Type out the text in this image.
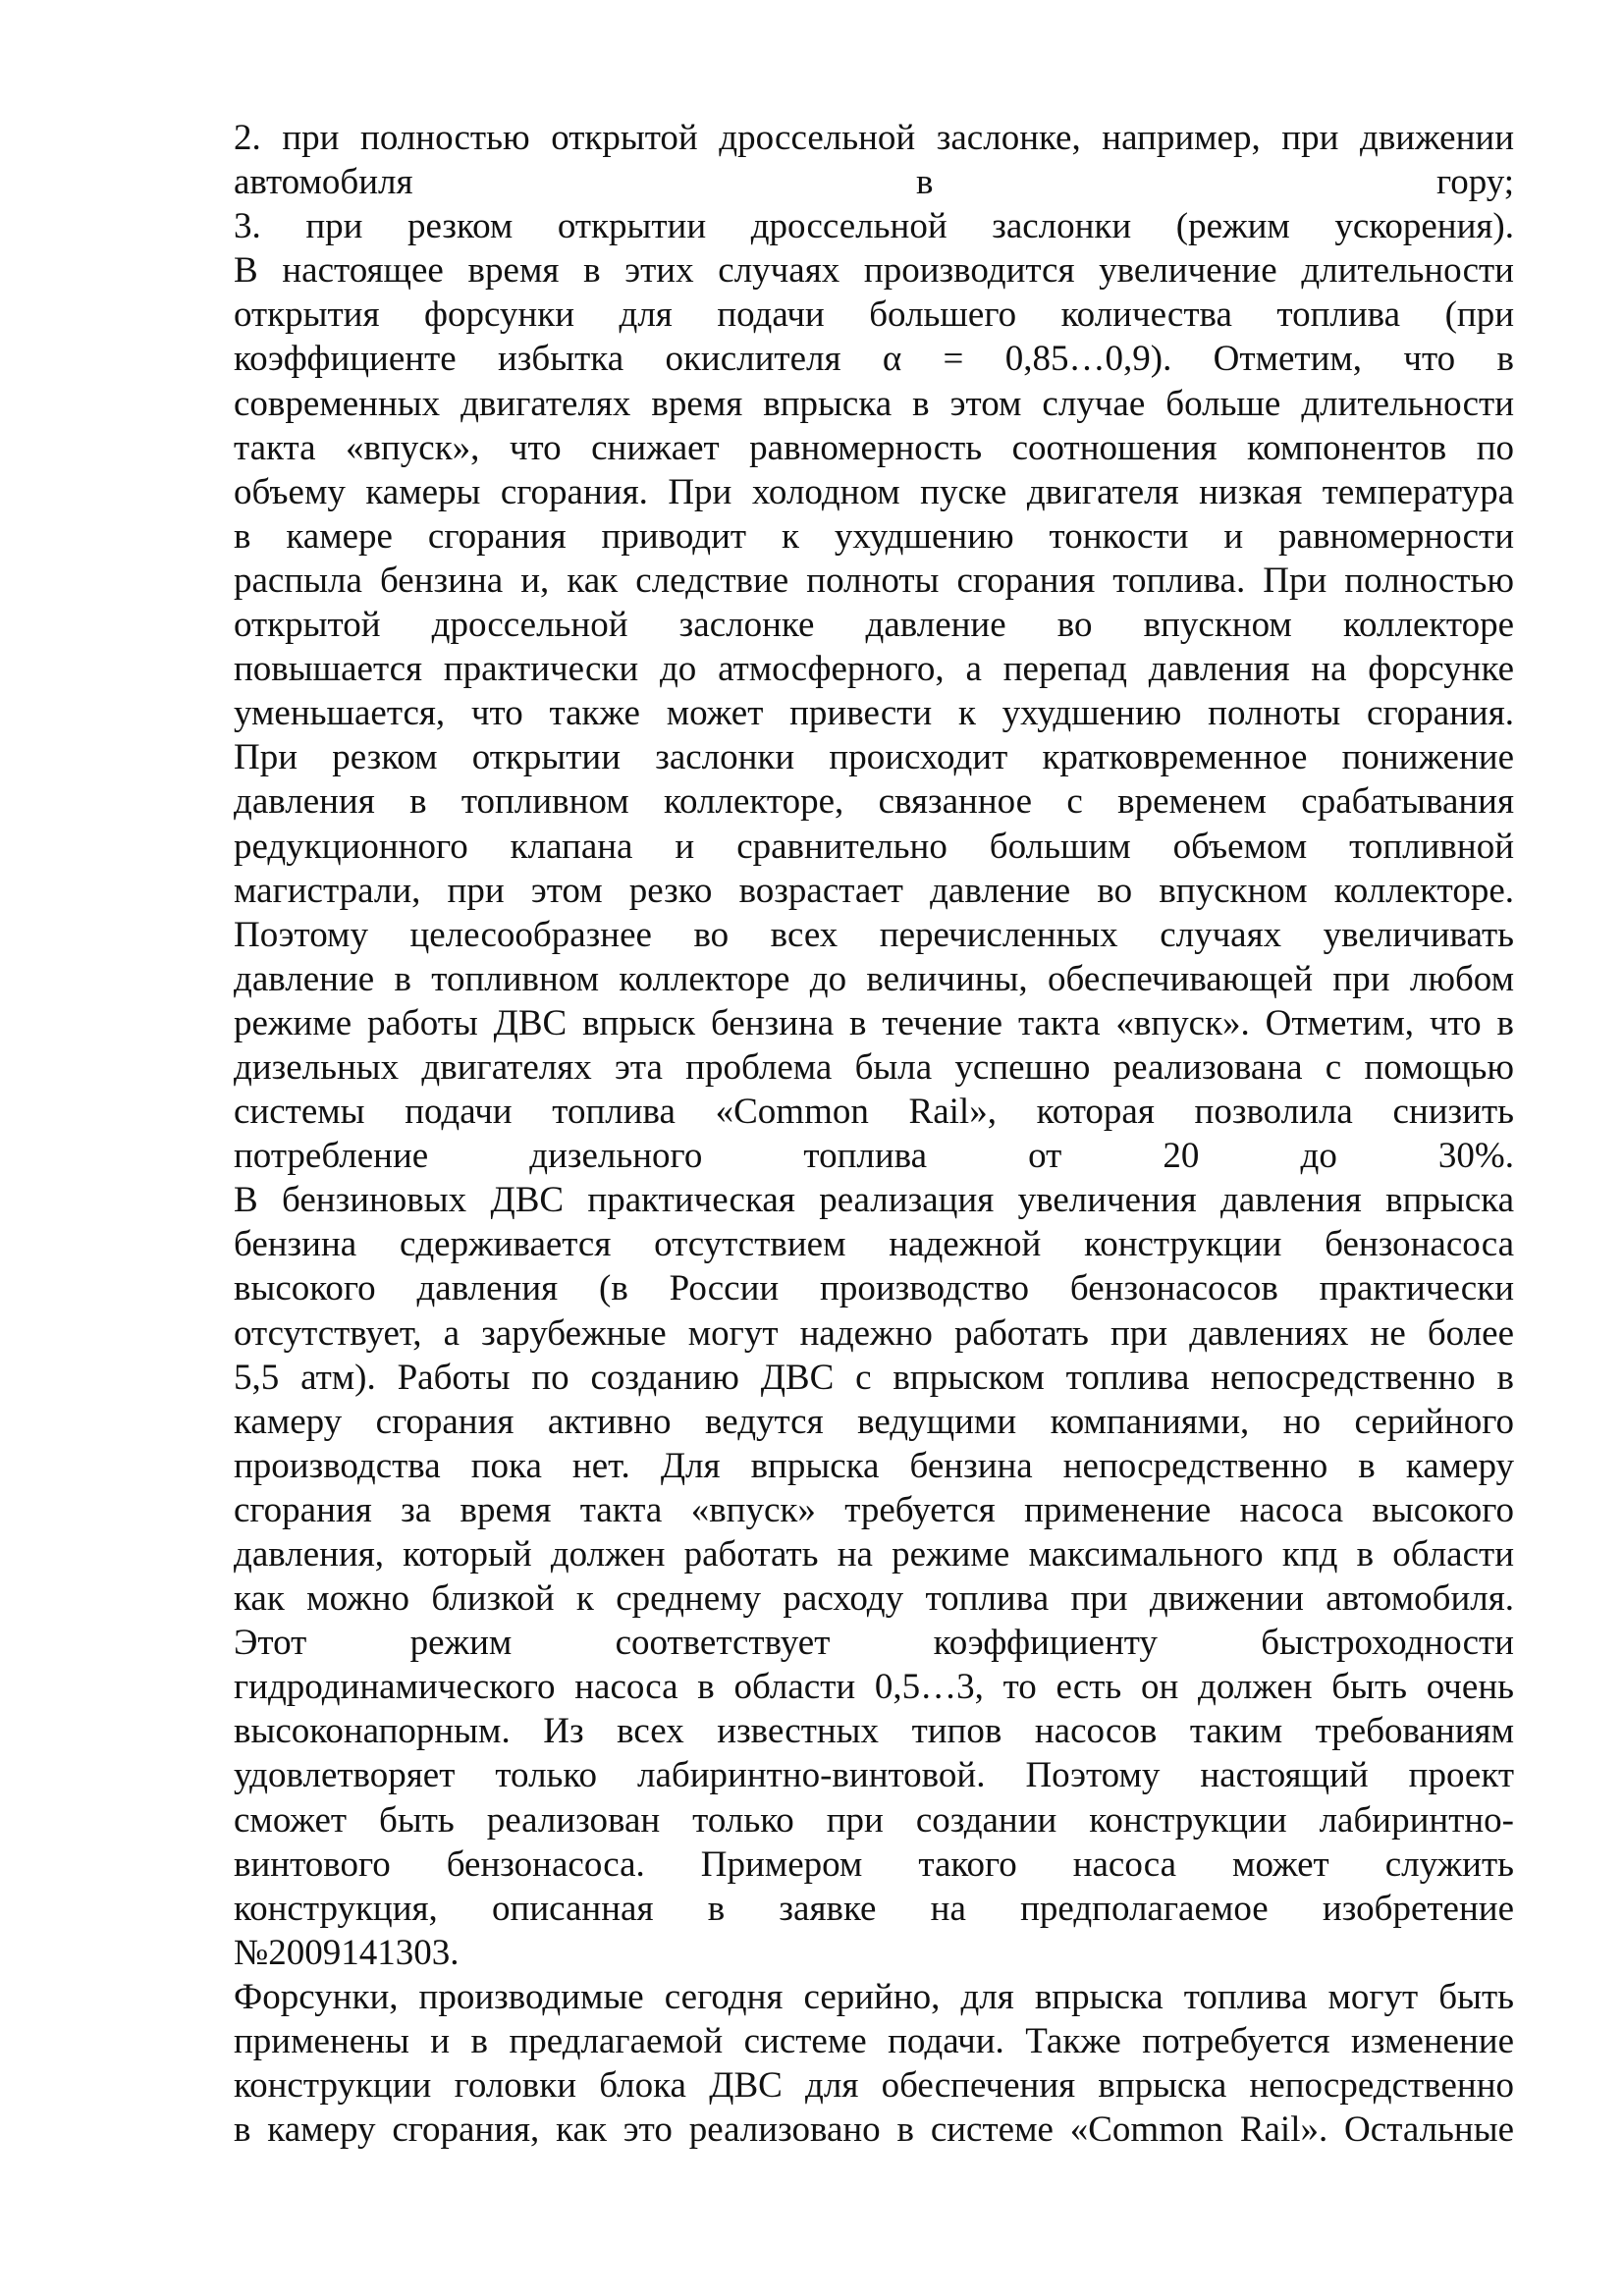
2. при полностью открытой дроссельной заслонке, например, при движении
автомобиля в гору;
3. при резком открытии дроссельной заслонки (режим ускорения).
В настоящее время в этих случаях производится увеличение длительности
открытия форсунки для подачи большего количества топлива (при
коэффициенте избытка окислителя α = 0,85…0,9). Отметим, что в
современных двигателях время впрыска в этом случае больше длительности
такта «впуск», что снижает равномерность соотношения компонентов по
объему камеры сгорания. При холодном пуске двигателя низкая температура
в камере сгорания приводит к ухудшению тонкости и равномерности
распыла бензина и, как следствие полноты сгорания топлива. При полностью
открытой дроссельной заслонке давление во впускном коллекторе
повышается практически до атмосферного, а перепад давления на форсунке
уменьшается, что также может привести к ухудшению полноты сгорания.
При резком открытии заслонки происходит кратковременное понижение
давления в топливном коллекторе, связанное с временем срабатывания
редукционного клапана и сравнительно большим объемом топливной
магистрали, при этом резко возрастает давление во впускном коллекторе.
Поэтому целесообразнее во всех перечисленных случаях увеличивать
давление в топливном коллекторе до величины, обеспечивающей при любом
режиме работы ДВС впрыск бензина в течение такта «впуск». Отметим, что в
дизельных двигателях эта проблема была успешно реализована с помощью
системы подачи топлива «Common Rail», которая позволила снизить
потребление дизельного топлива от 20 до 30%.
В бензиновых ДВС практическая реализация увеличения давления впрыска
бензина сдерживается отсутствием надежной конструкции бензонасоса
высокого давления (в России производство бензонасосов практически
отсутствует, а зарубежные могут надежно работать при давлениях не более
5,5 атм). Работы по созданию ДВС с впрыском топлива непосредственно в
камеру сгорания активно ведутся ведущими компаниями, но серийного
производства пока нет. Для впрыска бензина непосредственно в камеру
сгорания за время такта «впуск» требуется применение насоса высокого
давления, который должен работать на режиме максимального кпд в области
как можно близкой к среднему расходу топлива при движении автомобиля.
Этот режим соответствует коэффициенту быстроходности
гидродинамического насоса в области 0,5…3, то есть он должен быть очень
высоконапорным. Из всех известных типов насосов таким требованиям
удовлетворяет только лабиринтно-винтовой. Поэтому настоящий проект
сможет быть реализован только при создании конструкции лабиринтно-
винтового бензонасоса. Примером такого насоса может служить
конструкция, описанная в заявке на предполагаемое изобретение
№2009141303.
Форсунки, производимые сегодня серийно, для впрыска топлива могут быть
применены и в предлагаемой системе подачи. Также потребуется изменение
конструкции головки блока ДВС для обеспечения впрыска непосредственно
в камеру сгорания, как это реализовано в системе «Common Rail». Остальные
